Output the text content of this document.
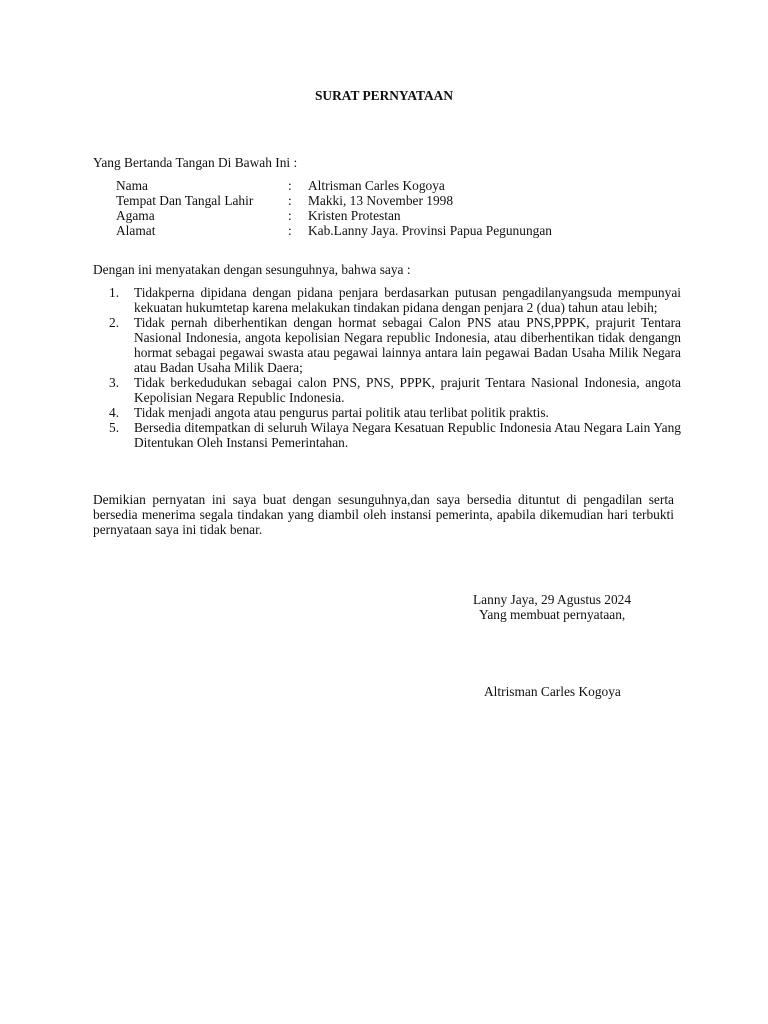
SURAT PERNYATAAN
Yang Bertanda Tangan Di Bawah Ini :
Nama	:	Altrisman Carles Kogoya
Tempat Dan Tangal Lahir	:	Makki, 13 November 1998
Agama	:	Kristen Protestan
Alamat	:	Kab.Lanny Jaya. Provinsi Papua Pegunungan
Dengan ini menyatakan dengan sesunguhnya, bahwa saya :
1.	Tidakperna dipidana dengan pidana penjara berdasarkan putusan pengadilanyangsuda mempunyai kekuatan hukumtetap karena melakukan tindakan pidana dengan penjara 2 (dua) tahun atau lebih;
2.	Tidak pernah diberhentikan dengan hormat sebagai Calon PNS atau PNS,PPPK, prajurit Tentara Nasional Indonesia, angota kepolisian Negara republic Indonesia, atau diberhentikan tidak dengangn hormat sebagai pegawai swasta atau pegawai lainnya antara lain pegawai Badan Usaha Milik Negara atau Badan Usaha Milik Daera;
3.	Tidak berkedudukan sebagai calon PNS, PNS, PPPK, prajurit Tentara Nasional Indonesia, angota Kepolisian Negara Republic Indonesia.
4.	Tidak menjadi angota atau pengurus partai politik atau terlibat politik praktis.
5.	Bersedia ditempatkan di seluruh Wilaya Negara Kesatuan Republic Indonesia Atau Negara Lain Yang Ditentukan Oleh Instansi Pemerintahan.
Demikian pernyatan ini saya buat dengan sesunguhnya,dan saya bersedia dituntut di pengadilan serta bersedia menerima segala tindakan yang diambil oleh instansi pemerinta, apabila dikemudian hari terbukti pernyataan saya ini tidak benar.
Lanny Jaya, 29 Agustus 2024
Yang membuat pernyataan,
Altrisman Carles Kogoya
